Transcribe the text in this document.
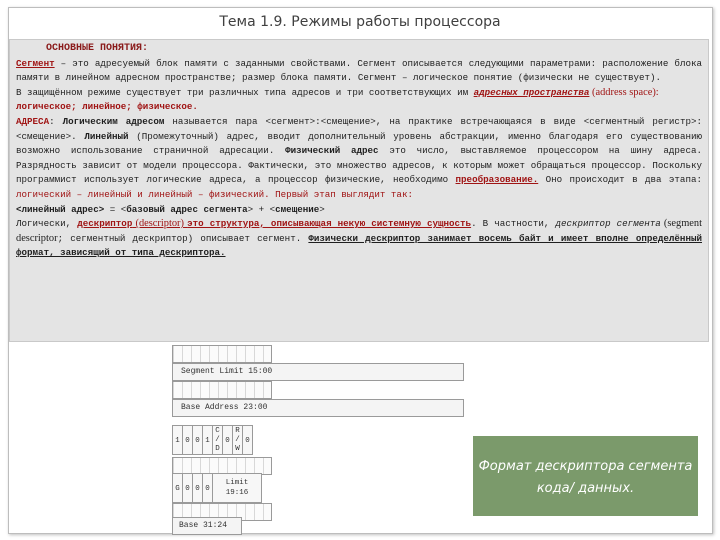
Тема 1.9. Режимы работы процессора

ОСНОВНЫЕ ПОНЯТИЯ:

Сегмент – это адресуемый блок памяти с заданными свойствами. Сегмент описывается следующими параметрами: расположение блока памяти в линейном адресном пространстве; размер блока памяти. Сегмент – логическое понятие (физически не существует).

В защищённом режиме существует три различных типа адресов и три соответствующих им адресных пространства (address space): логическое; линейное; физическое.

АДРЕСА: Логическим адресом называется пара <сегмент>:<смещение>, на практике встречающаяся в виде <сегментный регистр>:<смещение>. Линейный (Промежуточный) адрес, вводит дополнительный уровень абстракции, именно благодаря его существованию возможно использование страничной адресации. Физический адрес это число, выставляемое процессором на шину адреса. Разрядность зависит от модели процессора. Фактически, это множество адресов, к которым может обращаться процессор. Поскольку программист использует логические адреса, а процессор физические, необходимо преобразование. Оно происходит в два этапа: логический – линейный и линейный – физический. Первый этап выглядит так:

<линейный адрес> = <базовый адрес сегмента> + <смещение>

Логически, дескриптор (descriptor) это структура, описывающая некую системную сущность. В частности, дескриптор сегмента (segment descriptor; сегментный дескриптор) описывает сегмент. Физически дескриптор занимает восемь байт и имеет вполне определённый формат, зависящий от типа дескриптора.

Segment Limit 15:00
Base Address 23:00
1 0 0 1
C / D
0
R / W
0
G 0 0 0
Limit
19:16
Base 31:24
Формат дескриптора сегмента кода/ данных.
